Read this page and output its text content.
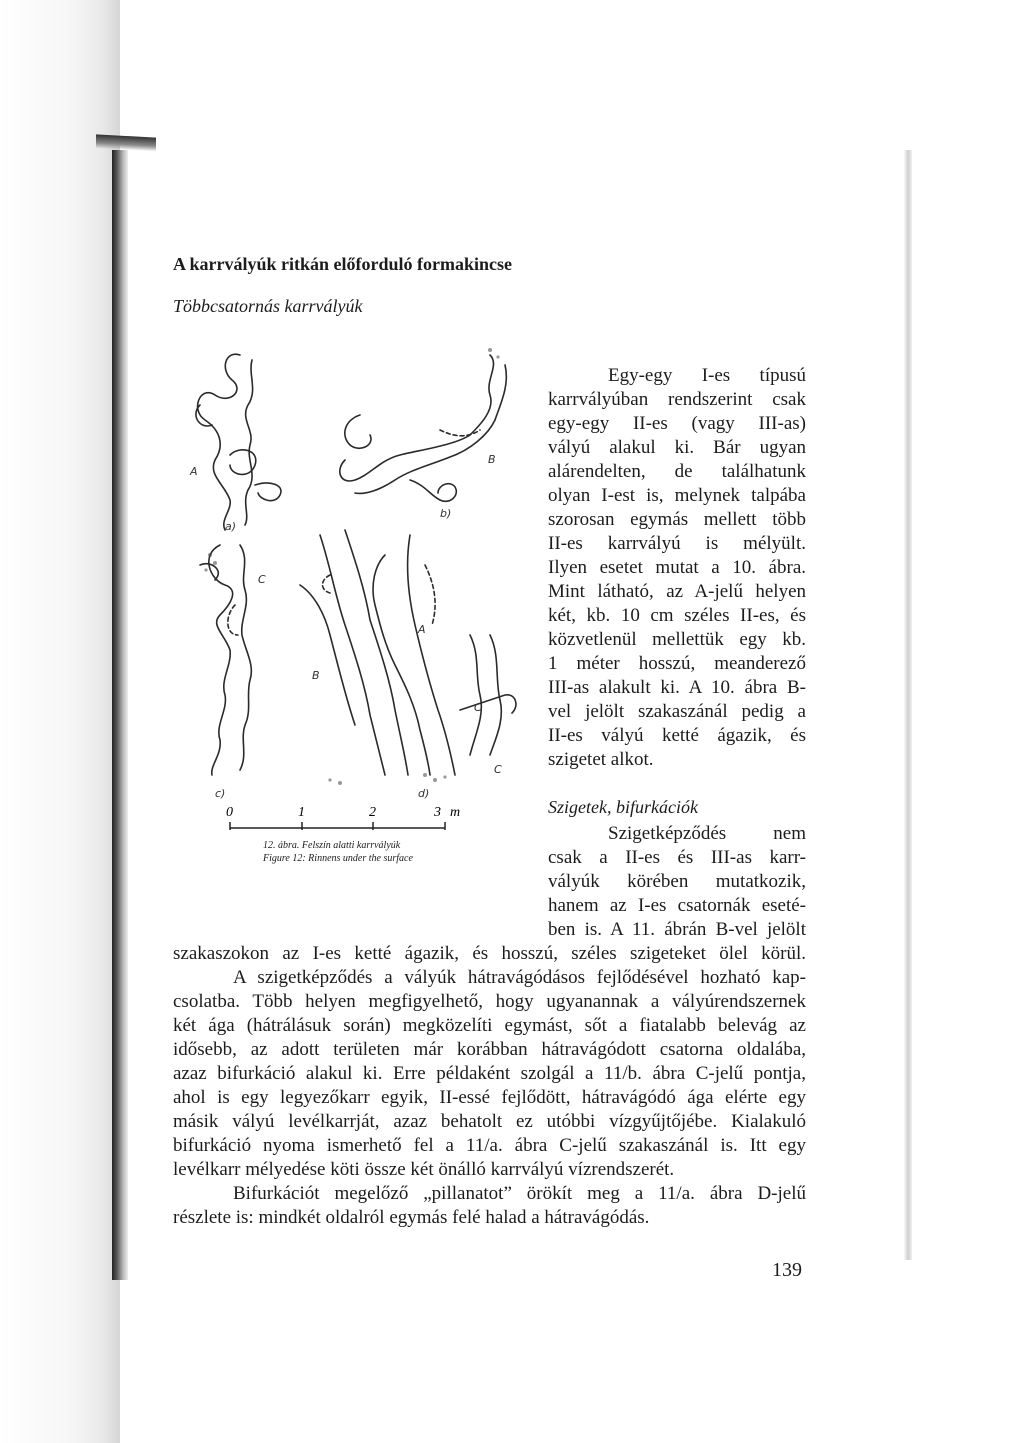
A karrvályúk ritkán előforduló formakincse

Többcsatornás karrvályúk

A
B
C
A
B
C
C
a)
b)
c)	d)
0	1	2	3 m

12. ábra. Felszín alatti karrvályúk

Figure 12: Rinnens under the surface

Egy-egy I-es típusú

karrvályúban rendszerint csak

egy-egy II-es (vagy III-as)

vályú alakul ki. Bár ugyan

alárendelten, de találhatunk

olyan I-est is, melynek talpába

szorosan egymás mellett több

II-es karrvályú is mélyült.

Ilyen esetet mutat a 10. ábra.

Mint látható, az A-jelű helyen

két, kb. 10 cm széles II-es, és

közvetlenül mellettük egy kb.

1 méter hosszú, meanderező

III-as alakult ki. A 10. ábra B-

vel jelölt szakaszánál pedig a

II-es vályú ketté ágazik, és

szigetet alkot.

Szigetek, bifurkációk

Szigetképződés nem

csak a II-es és III-as karr-

vályúk körében mutatkozik,

hanem az I-es csatornák eseté-

ben is. A 11. ábrán B-vel jelölt

szakaszokon az I-es ketté ágazik, és hosszú, széles szigeteket ölel körül.

A szigetképződés a vályúk hátravágódásos fejlődésével hozható kap-

csolatba. Több helyen megfigyelhető, hogy ugyanannak a vályúrendszernek

két ága (hátrálásuk során) megközelíti egymást, sőt a fiatalabb belevág az

idősebb, az adott területen már korábban hátravágódott csatorna oldalába,

azaz bifurkáció alakul ki. Erre példaként szolgál a 11/b. ábra C-jelű pontja,

ahol is egy legyezőkarr egyik, II-essé fejlődött, hátravágódó ága elérte egy

másik vályú levélkarrját, azaz behatolt ez utóbbi vízgyűjtőjébe. Kialakuló

bifurkáció nyoma ismerhető fel a 11/a. ábra C-jelű szakaszánál is. Itt egy

levélkarr mélyedése köti össze két önálló karrvályú vízrendszerét.

Bifurkációt megelőző „pillanatot” örökít meg a 11/a. ábra D-jelű

részlete is: mindkét oldalról egymás felé halad a hátravágódás.

139
